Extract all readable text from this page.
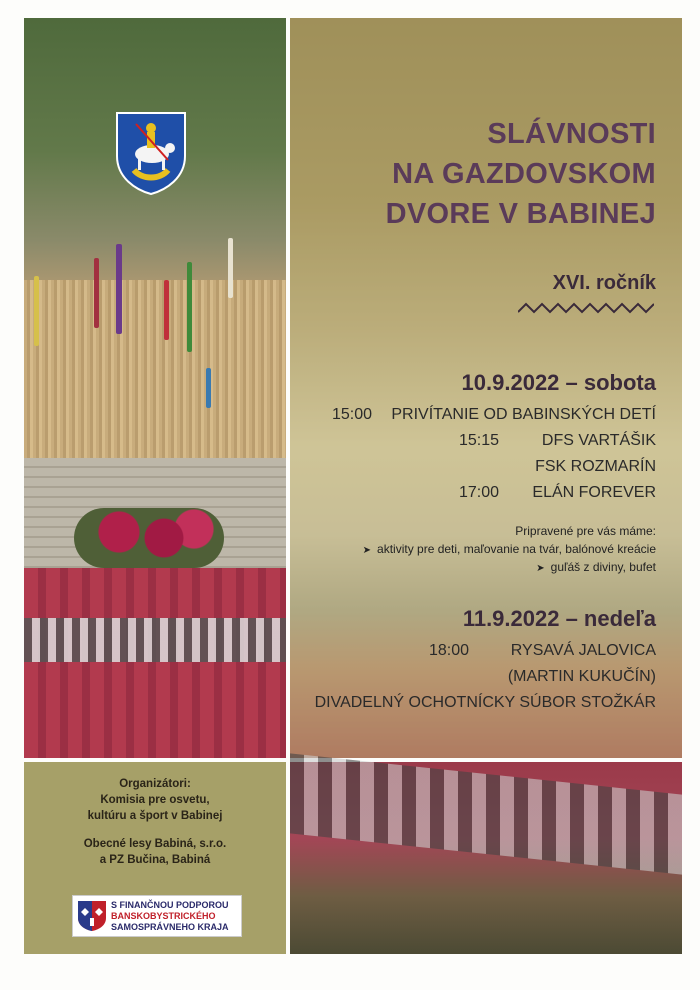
SLÁVNOSTI
NA GAZDOVSKOM
DVORE V BABINEJ
XVI. ročník
10.9.2022 – sobota
15:00 PRIVÍTANIE OD BABINSKÝCH DETÍ
15:15	DFS VARTÁŠIK
FSK ROZMARÍN
17:00 ELÁN FOREVER
Pripravené pre vás máme:
➤ aktivity pre deti, maľovanie na tvár, balónové kreácie
➤ guľáš z diviny, bufet
11.9.2022 – nedeľa
18:00	RYSAVÁ JALOVICA
(MARTIN KUKUČÍN)
DIVADELNÝ OCHOTNÍCKY SÚBOR STOŽKÁR
Organizátori:
Komisia pre osvetu,
kultúru a šport v Babinej
Obecné lesy Babiná, s.r.o.
a PZ Bučina, Babiná
S FINANČNOU PODPOROU
BANSKOBYSTRICKÉHO
SAMOSPRÁVNEHO KRAJA
